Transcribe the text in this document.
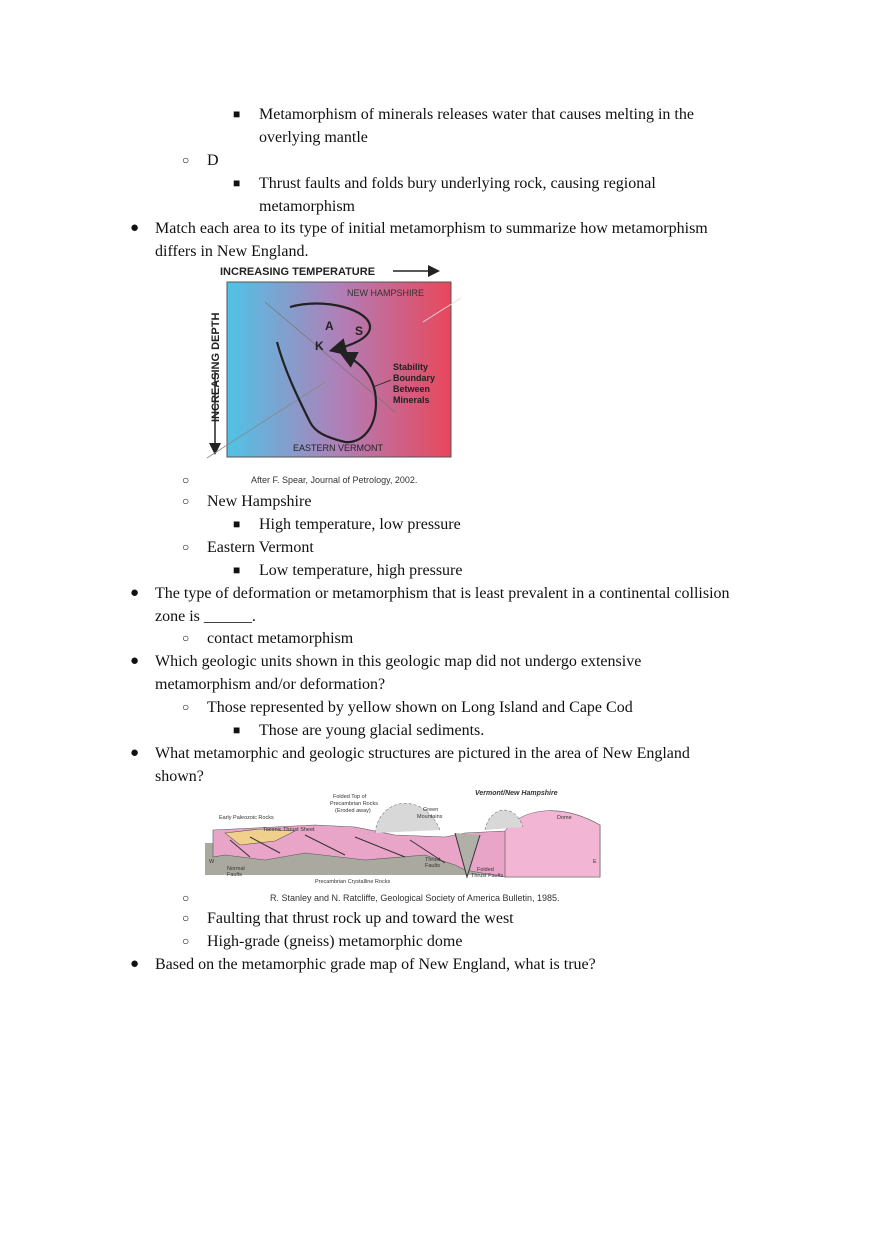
■ Metamorphism of minerals releases water that causes melting in the
overlying mantle
○ D
■ Thrust faults and folds bury underlying rock, causing regional
metamorphism
● Match each area to its type of initial metamorphism to summarize how metamorphism
differs in New England.
INCREASING TEMPERATURE
INCREASING DEPTH
NEW HAMPSHIRE
A S
K
Stability
Boundary
Between
Minerals
EASTERN VERMONT
○	After F. Spear, Journal of Petrology, 2002.
○ New Hampshire
■ High temperature, low pressure
○ Eastern Vermont
■ Low temperature, high pressure
● The type of deformation or metamorphism that is least prevalent in a continental collision
zone is ______.
○ contact metamorphism
● Which geologic units shown in this geologic map did not undergo extensive
metamorphism and/or deformation?
○ Those represented by yellow shown on Long Island and Cape Cod
■ Those are young glacial sediments.
● What metamorphic and geologic structures are pictured in the area of New England
shown?
Vermont/New Hampshire
Folded Top of
Precambrian Rocks
(Eroded away)	Green
Mountains	Dome
Early Paleozoic Rocks
Taconic Thrust Sheet
W	E
Normal
Faults
Thrust
Faults
Folded
Thrust Faults
Precambrian Crystalline Rocks
○	R. Stanley and N. Ratcliffe, Geological Society of America Bulletin, 1985.
○ Faulting that thrust rock up and toward the west
○ High-grade (gneiss) metamorphic dome
● Based on the metamorphic grade map of New England, what is true?
